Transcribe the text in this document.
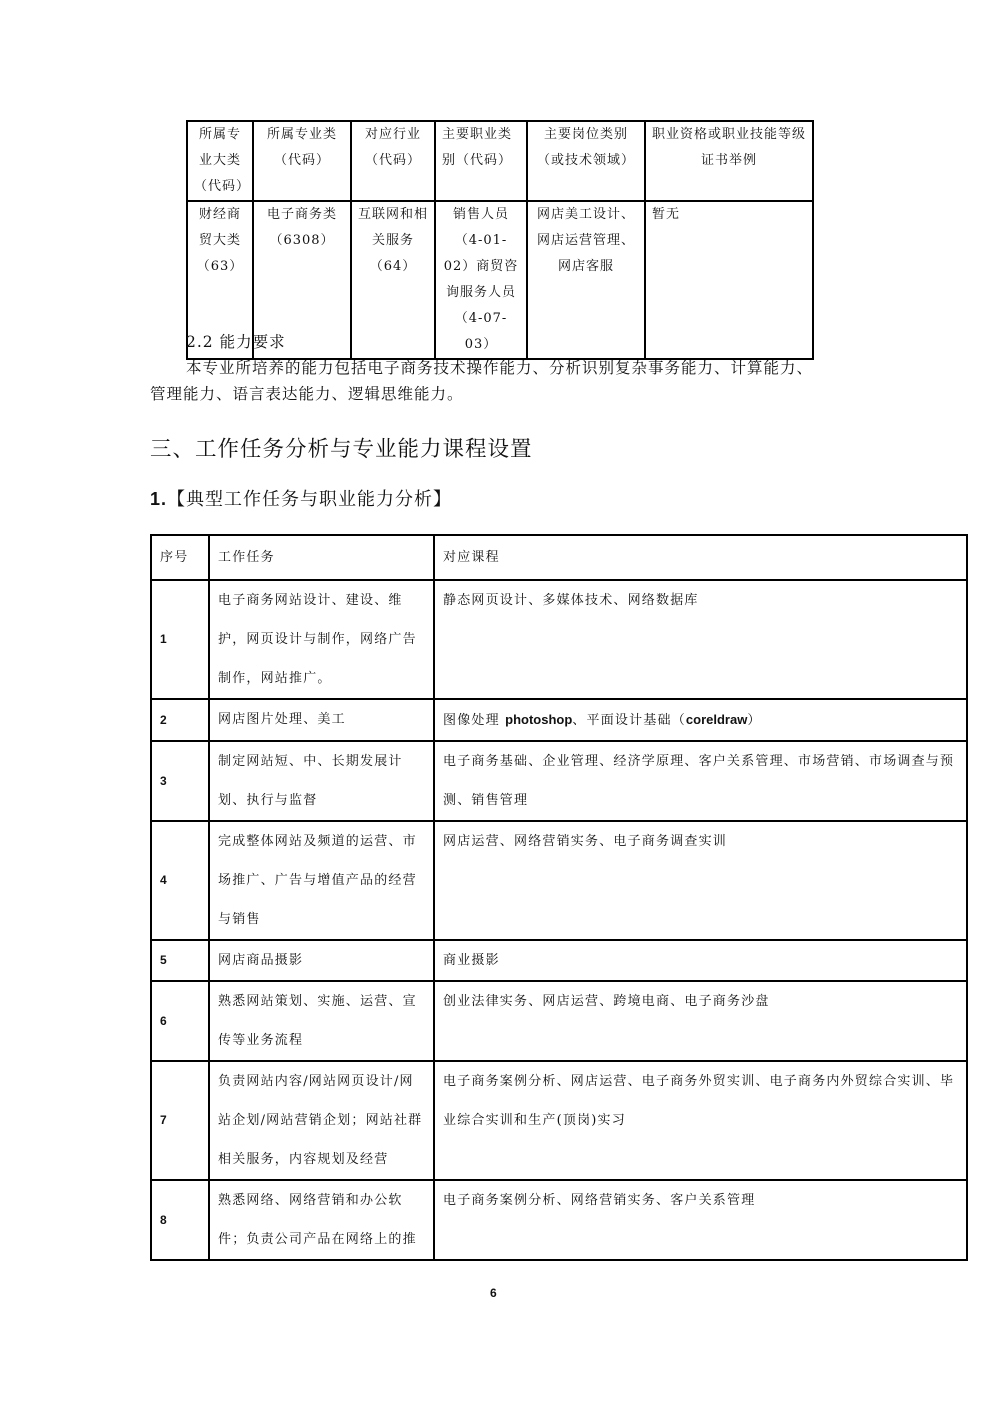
所属专业大类（代码）	所属专业类（代码）	对应行业（代码）	主要职业类别（代码）	主要岗位类别（或技术领域）	职业资格或职业技能等级证书举例
财经商贸大类（63）	电子商务类（6308）	互联网和相关服务（64）	销售人员（4-01-02）商贸咨询服务人员（4-07-03）	网店美工设计、网店运营管理、网店客服	暂无
2.2 能力要求
本专业所培养的能力包括电子商务技术操作能力、分析识别复杂事务能力、计算能力、
管理能力、语言表达能力、逻辑思维能力。
三、工作任务分析与专业能力课程设置
1.【典型工作任务与职业能力分析】
序号	工作任务	对应课程
1	电子商务网站设计、建设、维护，网页设计与制作，网络广告制作，网站推广。	静态网页设计、多媒体技术、网络数据库
2	网店图片处理、美工	图像处理 photoshop、平面设计基础（coreldraw）
3	制定网站短、中、长期发展计划、执行与监督	电子商务基础、企业管理、经济学原理、客户关系管理、市场营销、市场调查与预测、销售管理
4	完成整体网站及频道的运营、市场推广、广告与增值产品的经营与销售	网店运营、网络营销实务、电子商务调查实训
5	网店商品摄影	商业摄影
6	熟悉网站策划、实施、运营、宣传等业务流程	创业法律实务、网店运营、跨境电商、电子商务沙盘
7	负责网站内容/网站网页设计/网站企划/网站营销企划；网站社群相关服务，内容规划及经营	电子商务案例分析、网店运营、电子商务外贸实训、电子商务内外贸综合实训、毕业综合实训和生产(顶岗)实习
8	熟悉网络、网络营销和办公软件；负责公司产品在网络上的推	电子商务案例分析、网络营销实务、客户关系管理
6
